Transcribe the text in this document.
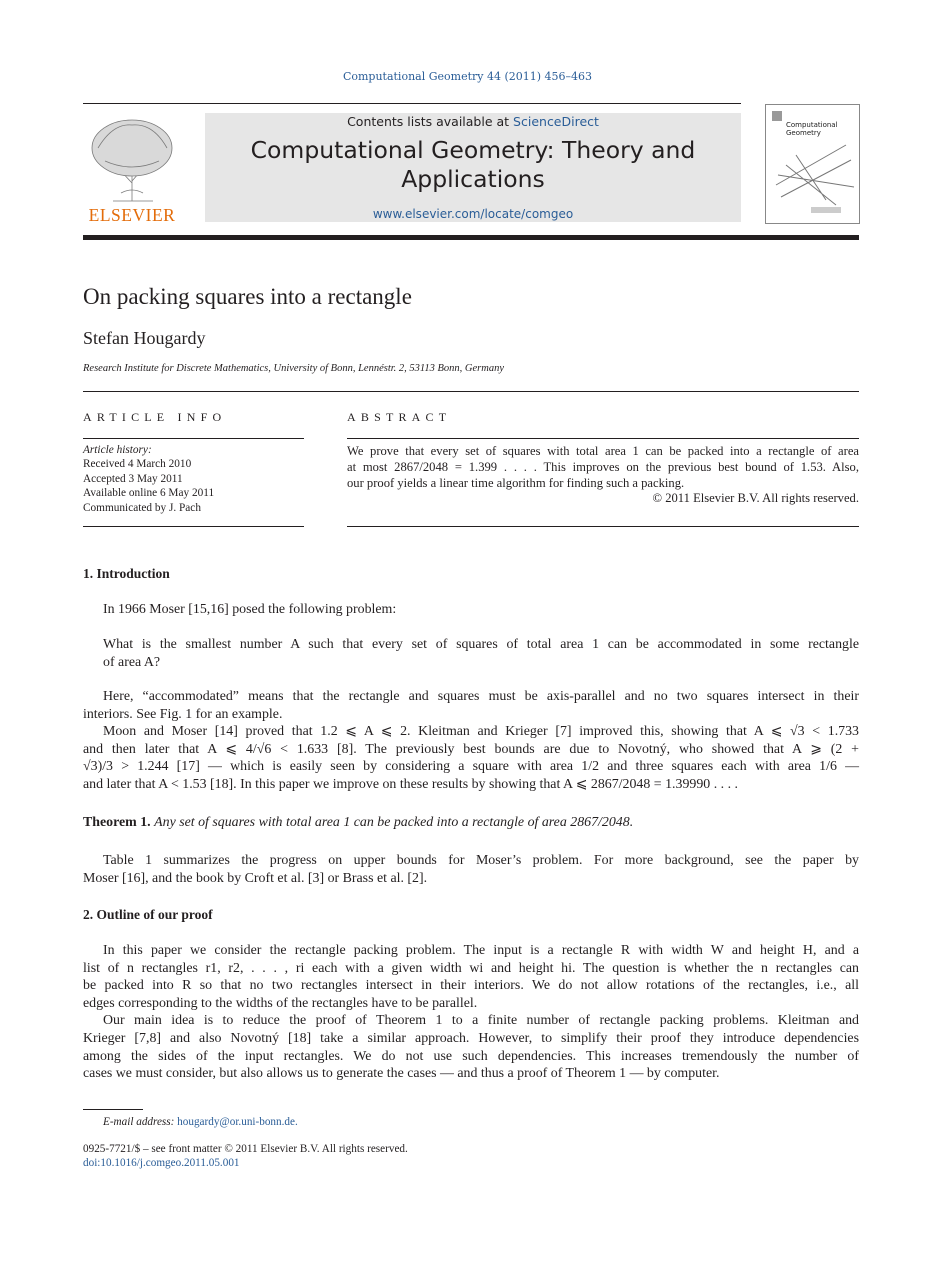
Computational Geometry 44 (2011) 456–463
ELSEVIER
Contents lists available at ScienceDirect
Computational Geometry: Theory and
Applications
www.elsevier.com/locate/comgeo
Computational
Geometry
On packing squares into a rectangle
Stefan Hougardy
Research Institute for Discrete Mathematics, University of Bonn, Lennéstr. 2, 53113 Bonn, Germany
ARTICLE INFO
Article history:
Received 4 March 2010
Accepted 3 May 2011
Available online 6 May 2011
Communicated by J. Pach
ABSTRACT
We prove that every set of squares with total area 1 can be packed into a rectangle of area
at most 2867/2048 = 1.399 . . . . This improves on the previous best bound of 1.53. Also,
our proof yields a linear time algorithm for finding such a packing.
© 2011 Elsevier B.V. All rights reserved.
1. Introduction
In 1966 Moser [15,16] posed the following problem:
What is the smallest number A such that every set of squares of total area 1 can be accommodated in some rectangle
of area A?
Here, “accommodated” means that the rectangle and squares must be axis-parallel and no two squares intersect in their
interiors. See Fig. 1 for an example.
Moon and Moser [14] proved that 1.2 ⩽ A ⩽ 2. Kleitman and Krieger [7] improved this, showing that A ⩽ √3 < 1.733
and then later that A ⩽ 4/√6 < 1.633 [8]. The previously best bounds are due to Novotný, who showed that A ⩾ (2 +
√3)/3 > 1.244 [17] — which is easily seen by considering a square with area 1/2 and three squares each with area 1/6 —
and later that A < 1.53 [18]. In this paper we improve on these results by showing that A ⩽ 2867/2048 = 1.39990 . . . .
Theorem 1. Any set of squares with total area 1 can be packed into a rectangle of area 2867/2048.
Table 1 summarizes the progress on upper bounds for Moser’s problem. For more background, see the paper by
Moser [16], and the book by Croft et al. [3] or Brass et al. [2].
2. Outline of our proof
In this paper we consider the rectangle packing problem. The input is a rectangle R with width W and height H, and a
list of n rectangles r1, r2, . . . , ri each with a given width wi and height hi. The question is whether the n rectangles can
be packed into R so that no two rectangles intersect in their interiors. We do not allow rotations of the rectangles, i.e., all
edges corresponding to the widths of the rectangles have to be parallel.
Our main idea is to reduce the proof of Theorem 1 to a finite number of rectangle packing problems. Kleitman and
Krieger [7,8] and also Novotný [18] take a similar approach. However, to simplify their proof they introduce dependencies
among the sides of the input rectangles. We do not use such dependencies. This increases tremendously the number of
cases we must consider, but also allows us to generate the cases — and thus a proof of Theorem 1 — by computer.
E-mail address: hougardy@or.uni-bonn.de.
0925-7721/$ – see front matter © 2011 Elsevier B.V. All rights reserved.
doi:10.1016/j.comgeo.2011.05.001
